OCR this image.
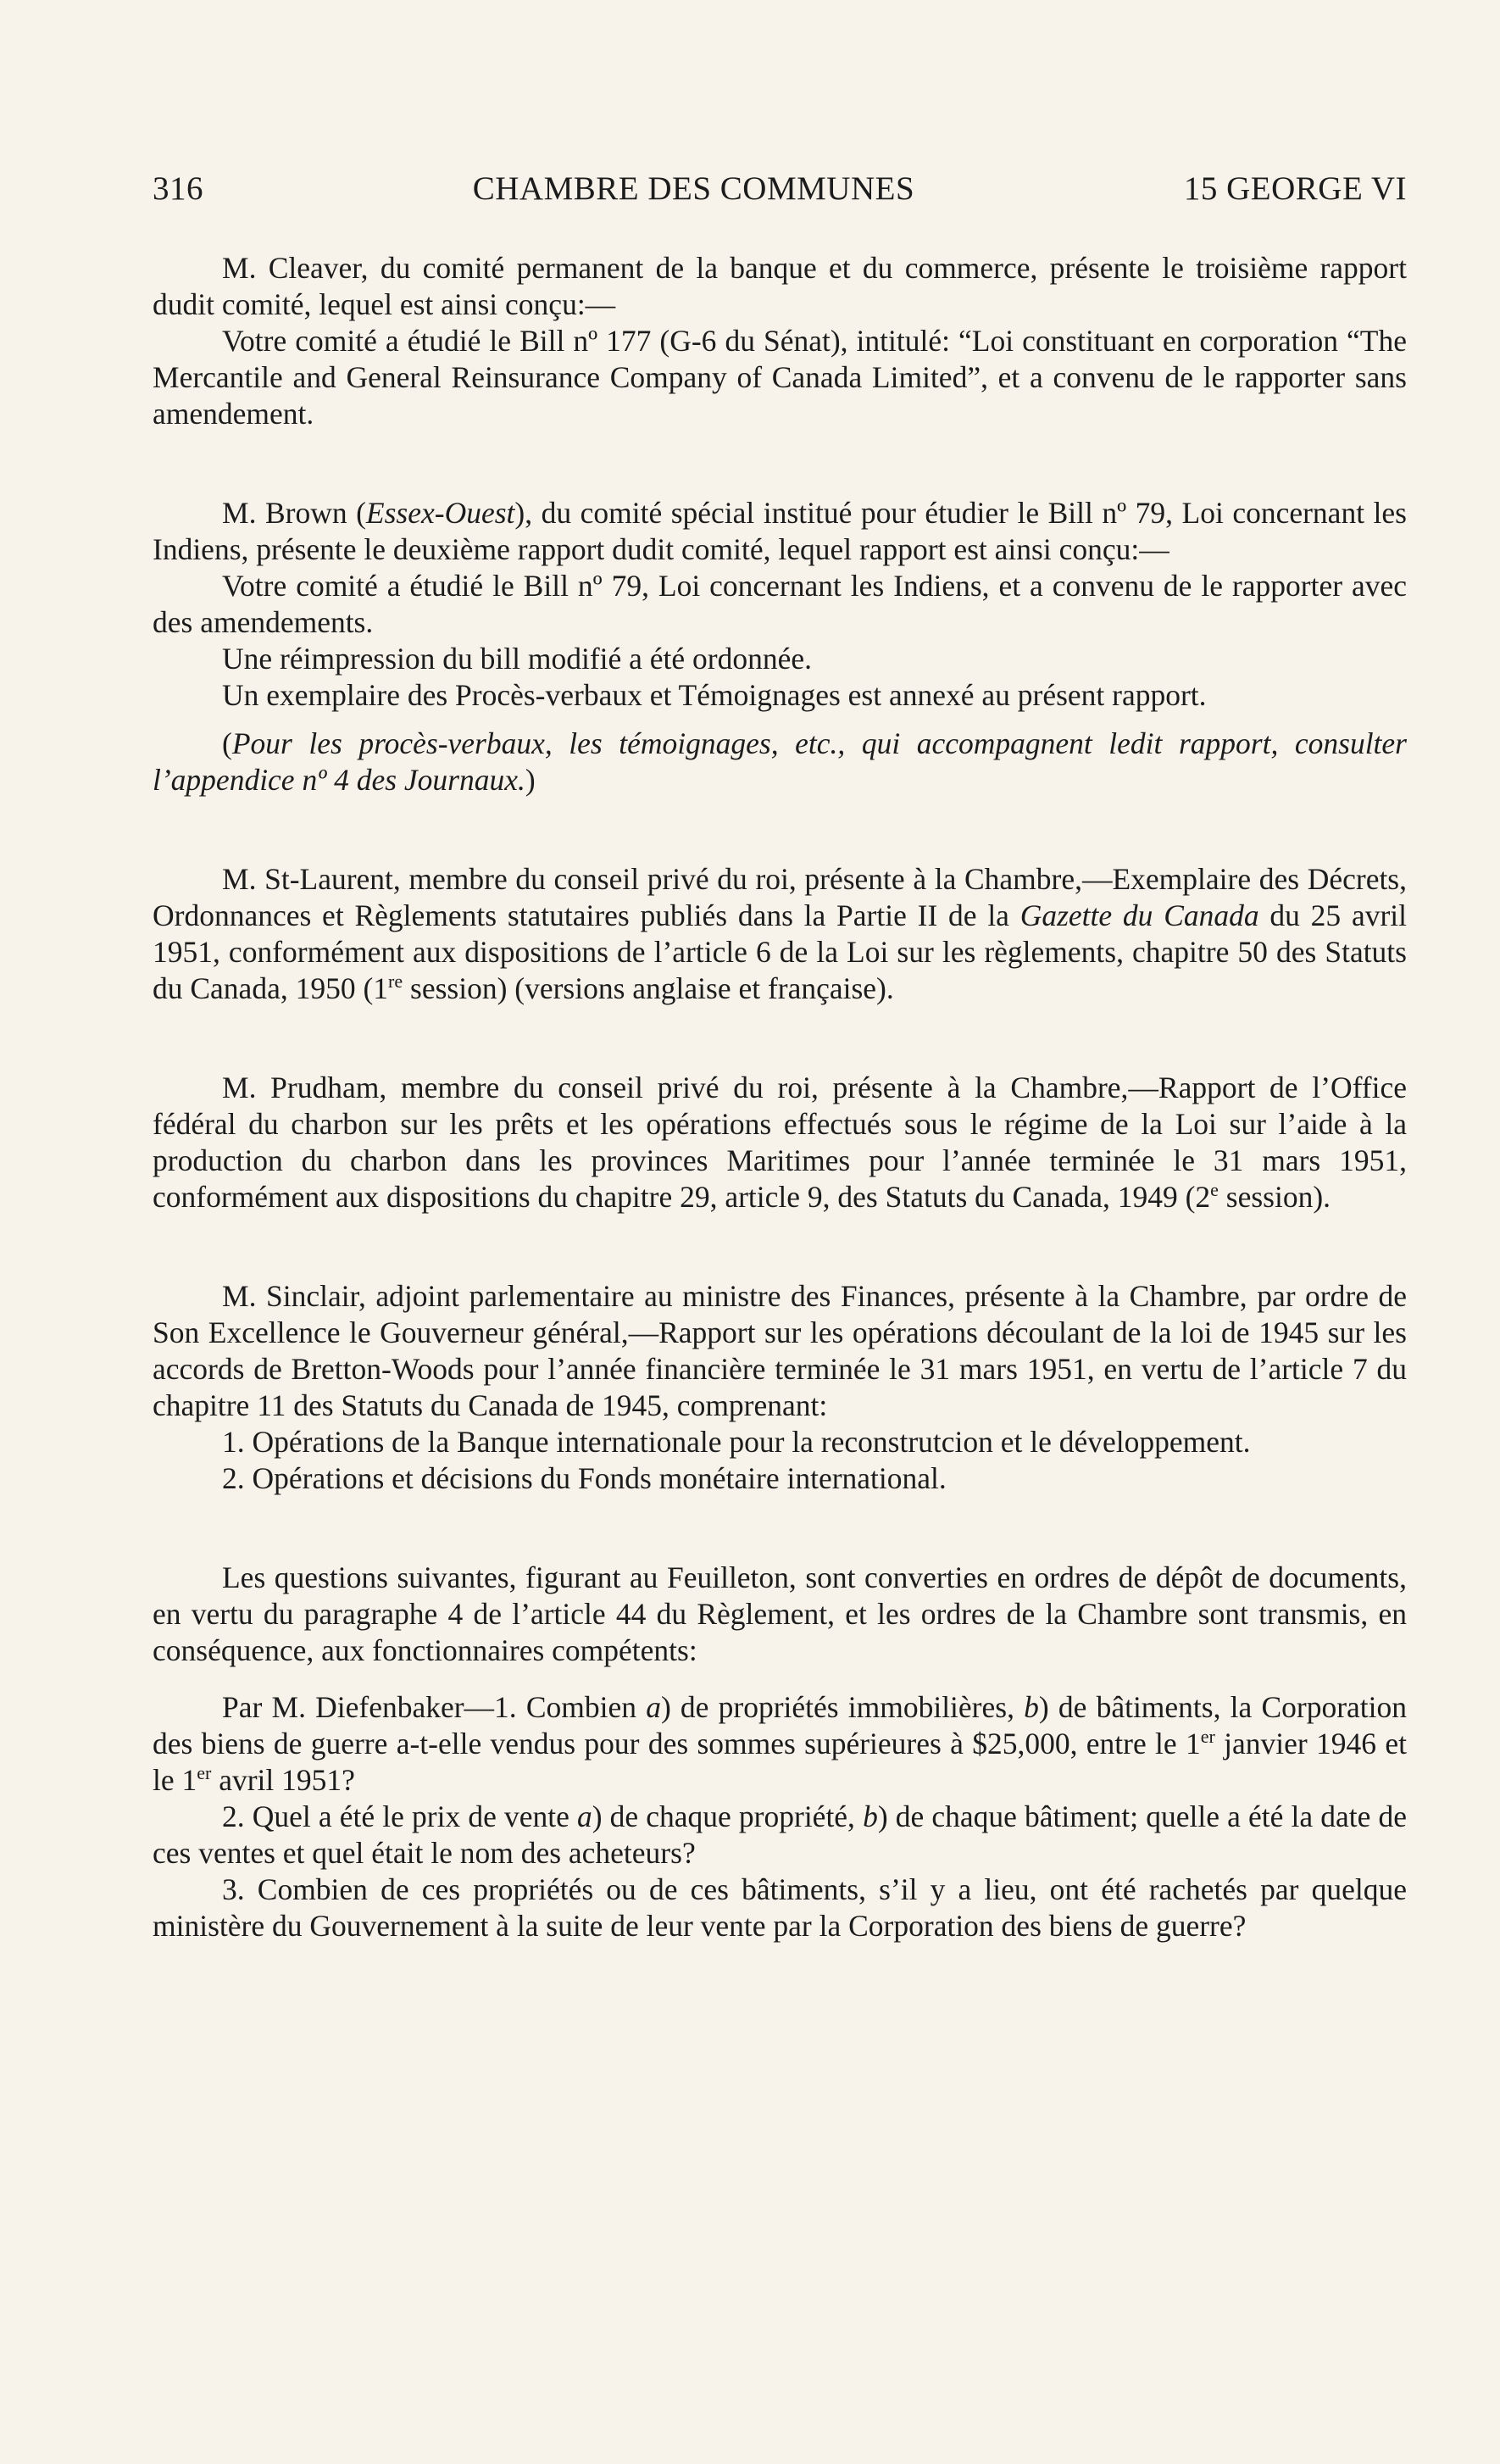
316	CHAMBRE DES COMMUNES	15 GEORGE VI

M. Cleaver, du comité permanent de la banque et du commerce, présente le troisième rapport dudit comité, lequel est ainsi conçu:—

Votre comité a étudié le Bill nº 177 (G-6 du Sénat), intitulé: “Loi constituant en corporation “The Mercantile and General Reinsurance Company of Canada Limited”, et a convenu de le rapporter sans amendement.

M. Brown (Essex-Ouest), du comité spécial institué pour étudier le Bill nº 79, Loi concernant les Indiens, présente le deuxième rapport dudit comité, lequel rapport est ainsi conçu:—

Votre comité a étudié le Bill nº 79, Loi concernant les Indiens, et a convenu de le rapporter avec des amendements.

Une réimpression du bill modifié a été ordonnée.

Un exemplaire des Procès-verbaux et Témoignages est annexé au présent rapport.

(Pour les procès-verbaux, les témoignages, etc., qui accompagnent ledit rapport, consulter l’appendice nº 4 des Journaux.)

M. St-Laurent, membre du conseil privé du roi, présente à la Chambre,—Exemplaire des Décrets, Ordonnances et Règlements statutaires publiés dans la Partie II de la Gazette du Canada du 25 avril 1951, conformément aux dispositions de l’article 6 de la Loi sur les règlements, chapitre 50 des Statuts du Canada, 1950 (1re session) (versions anglaise et française).

M. Prudham, membre du conseil privé du roi, présente à la Chambre,—Rapport de l’Office fédéral du charbon sur les prêts et les opérations effectués sous le régime de la Loi sur l’aide à la production du charbon dans les provinces Maritimes pour l’année terminée le 31 mars 1951, conformément aux dispositions du chapitre 29, article 9, des Statuts du Canada, 1949 (2e session).

M. Sinclair, adjoint parlementaire au ministre des Finances, présente à la Chambre, par ordre de Son Excellence le Gouverneur général,—Rapport sur les opérations découlant de la loi de 1945 sur les accords de Bretton-Woods pour l’année financière terminée le 31 mars 1951, en vertu de l’article 7 du chapitre 11 des Statuts du Canada de 1945, comprenant:

1. Opérations de la Banque internationale pour la reconstrutcion et le développement.

2. Opérations et décisions du Fonds monétaire international.

Les questions suivantes, figurant au Feuilleton, sont converties en ordres de dépôt de documents, en vertu du paragraphe 4 de l’article 44 du Règlement, et les ordres de la Chambre sont transmis, en conséquence, aux fonctionnaires compétents:

Par M. Diefenbaker—1. Combien a) de propriétés immobilières, b) de bâtiments, la Corporation des biens de guerre a-t-elle vendus pour des sommes supérieures à $25,000, entre le 1er janvier 1946 et le 1er avril 1951?

2. Quel a été le prix de vente a) de chaque propriété, b) de chaque bâtiment; quelle a été la date de ces ventes et quel était le nom des acheteurs?

3. Combien de ces propriétés ou de ces bâtiments, s’il y a lieu, ont été rachetés par quelque ministère du Gouvernement à la suite de leur vente par la Corporation des biens de guerre?
